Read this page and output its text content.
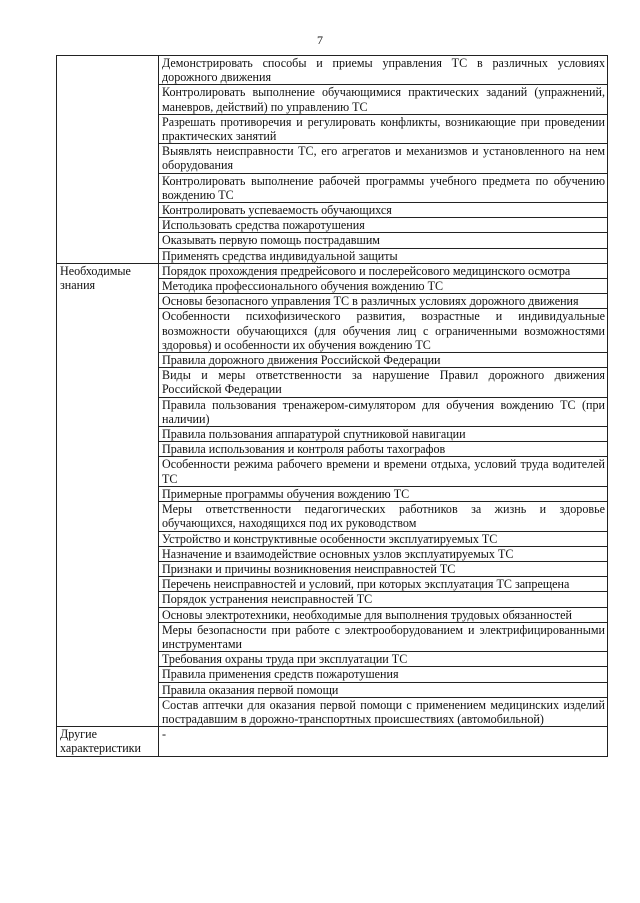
7
	Демонстрировать способы и приемы управления ТС в различных условиях дорожного движения
	Контролировать выполнение обучающимися практических заданий (упражнений, маневров, действий) по управлению ТС
	Разрешать противоречия и регулировать конфликты, возникающие при проведении практических занятий
	Выявлять неисправности ТС, его агрегатов и механизмов и установленного на нем оборудования
	Контролировать выполнение рабочей программы учебного предмета по обучению вождению ТС
	Контролировать успеваемость обучающихся
	Использовать средства пожаротушения
	Оказывать первую помощь пострадавшим
	Применять средства индивидуальной защиты
Необходимые знания	Порядок прохождения предрейсового и послерейсового медицинского осмотра
	Методика профессионального обучения вождению ТС
	Основы безопасного управления ТС в различных условиях дорожного движения
	Особенности психофизического развития, возрастные и индивидуальные возможности обучающихся (для обучения лиц с ограниченными возможностями здоровья) и особенности их обучения вождению ТС
	Правила дорожного движения Российской Федерации
	Виды и меры ответственности за нарушение Правил дорожного движения Российской Федерации
	Правила пользования тренажером-симулятором для обучения вождению ТС (при наличии)
	Правила пользования аппаратурой спутниковой навигации
	Правила использования и контроля работы тахографов
	Особенности режима рабочего времени и времени отдыха, условий труда водителей ТС
	Примерные программы обучения вождению ТС
	Меры ответственности педагогических работников за жизнь и здоровье обучающихся, находящихся под их руководством
	Устройство и конструктивные особенности эксплуатируемых ТС
	Назначение и взаимодействие основных узлов эксплуатируемых ТС
	Признаки и причины возникновения неисправностей ТС
	Перечень неисправностей и условий, при которых эксплуатация ТС запрещена
	Порядок устранения неисправностей ТС
	Основы электротехники, необходимые для выполнения трудовых обязанностей
	Меры безопасности при работе с электрооборудованием и электрифицированными инструментами
	Требования охраны труда при эксплуатации ТС
	Правила применения средств пожаротушения
	Правила оказания первой помощи
	Состав аптечки для оказания первой помощи с применением медицинских изделий пострадавшим в дорожно-транспортных происшествиях (автомобильной)
Другие характеристики	-
